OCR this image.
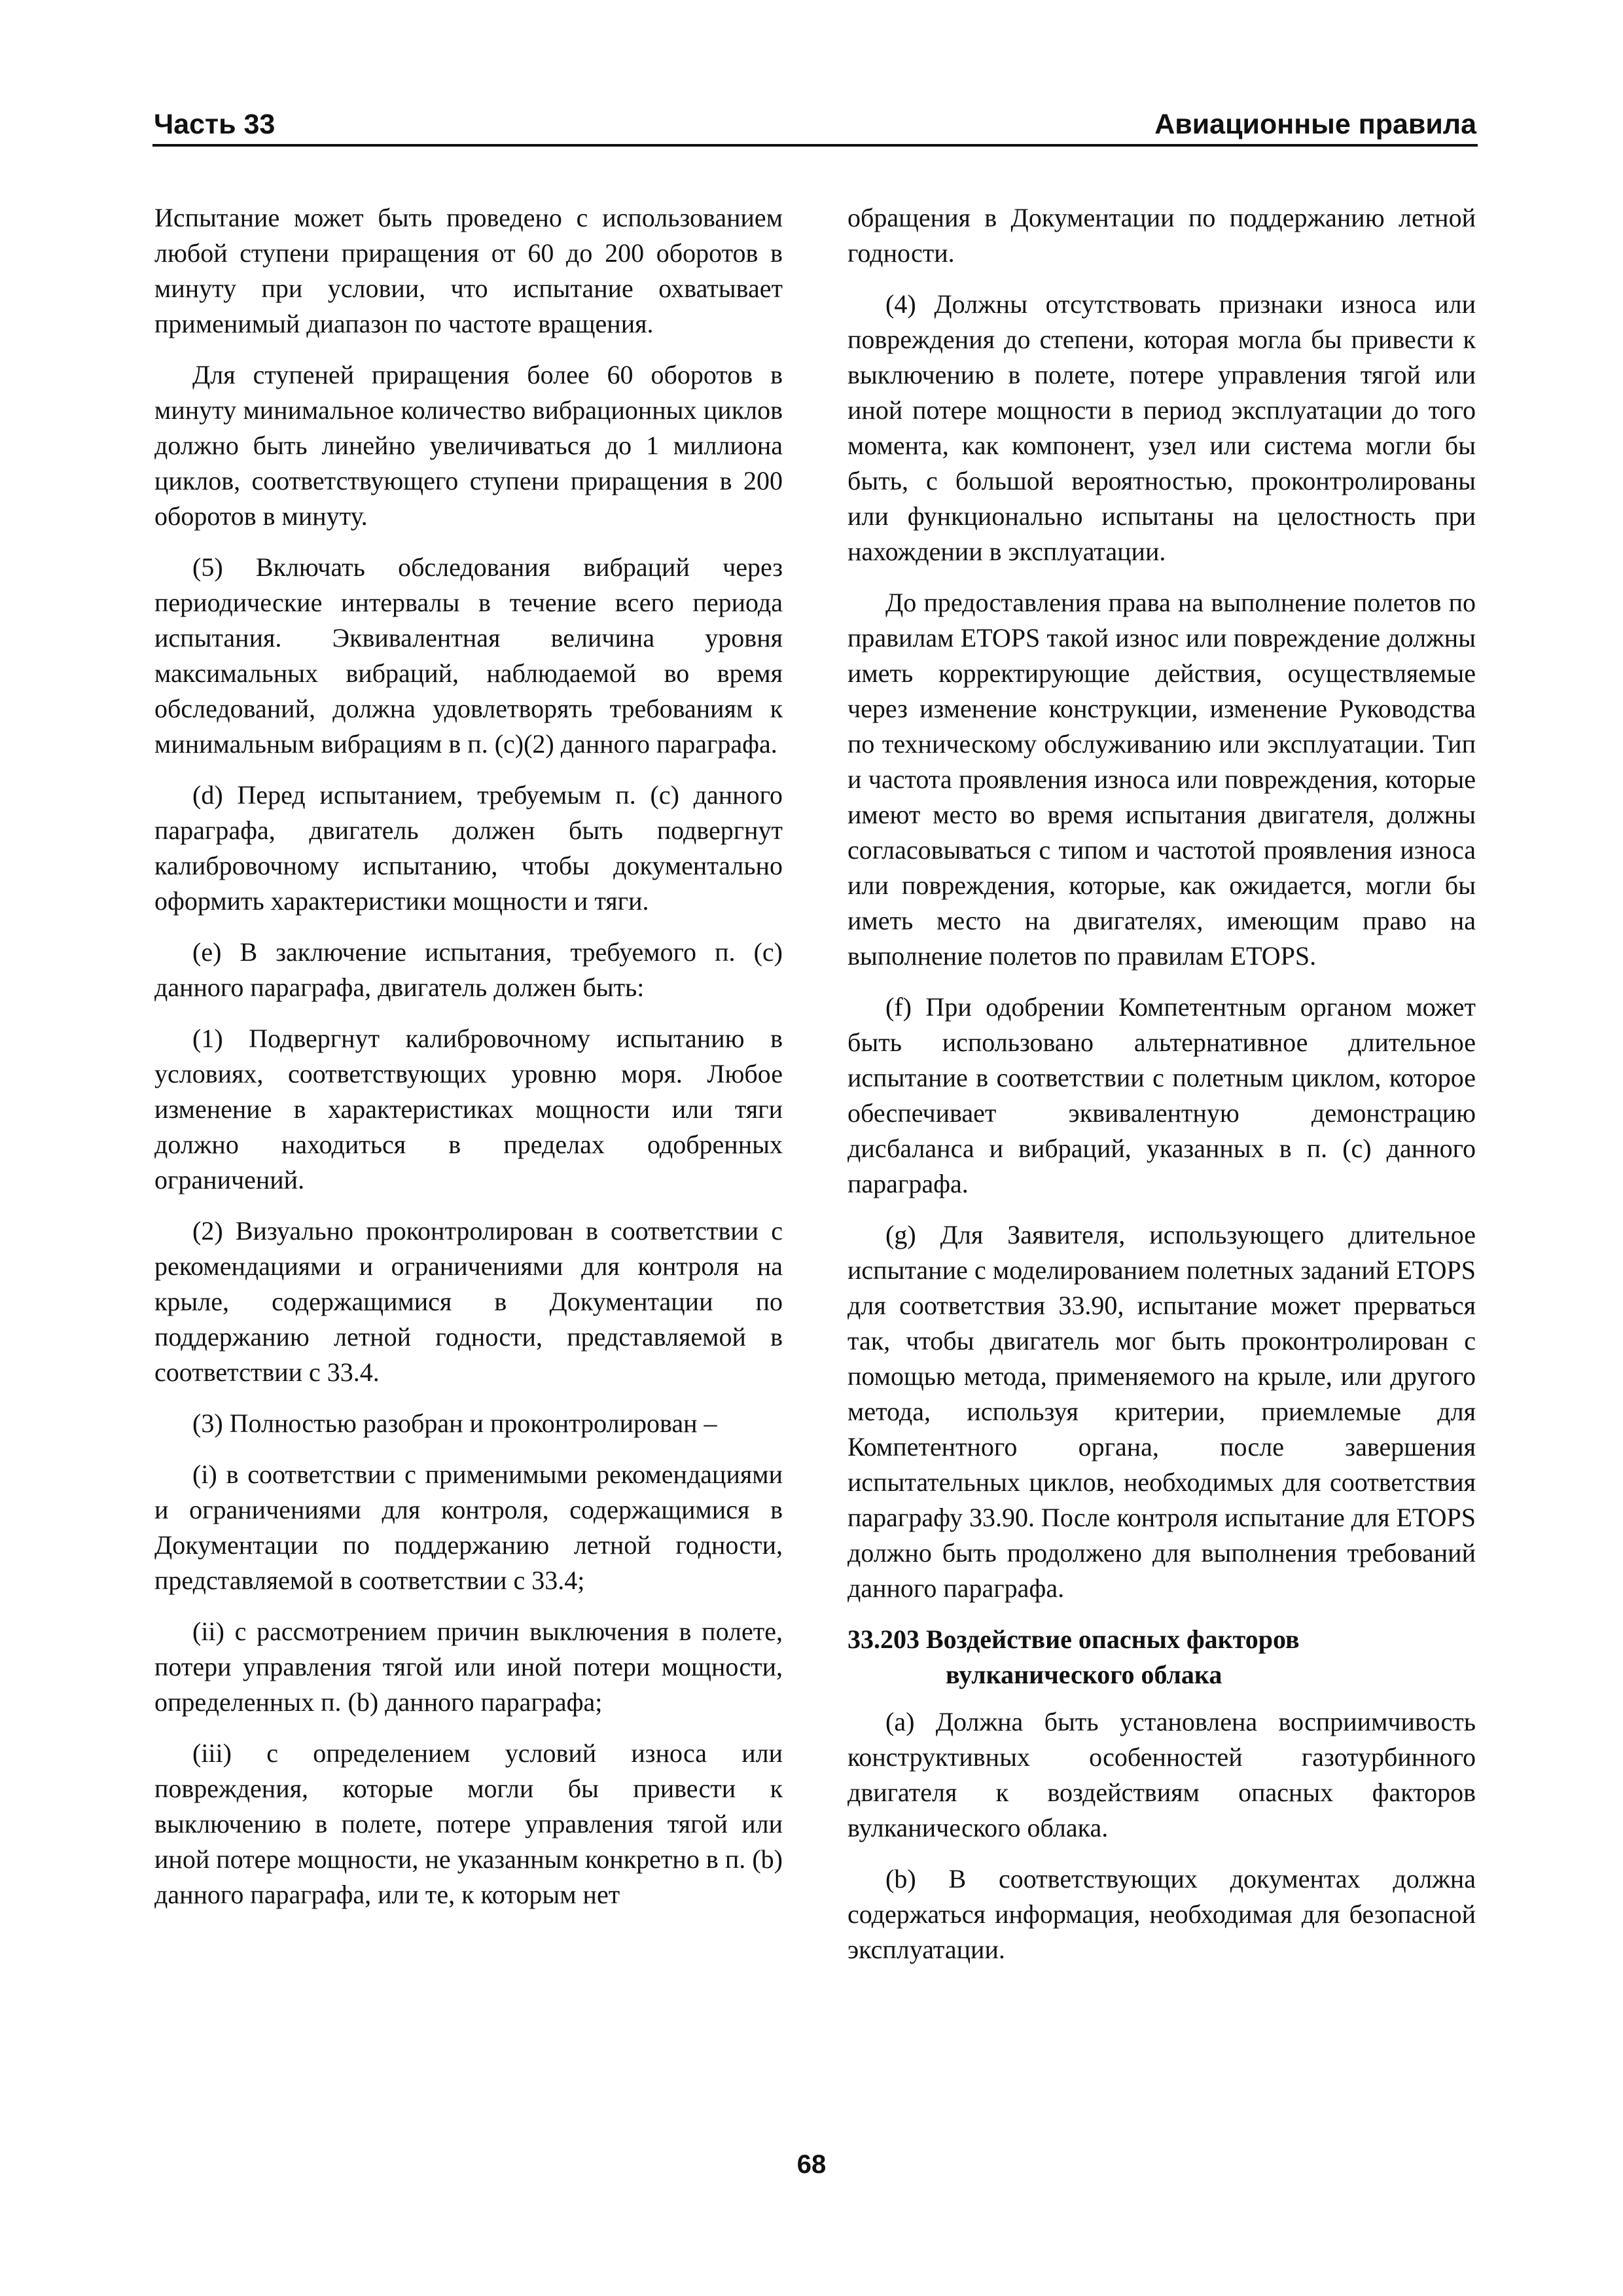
Часть 33	Авиационные правила

Испытание может быть проведено с использованием любой ступени приращения от 60 до 200 оборотов в минуту при условии, что испытание охватывает применимый диапазон по частоте вращения.

Для ступеней приращения более 60 оборотов в минуту минимальное количество вибрационных циклов должно быть линейно увеличиваться до 1 миллиона циклов, соответствующего ступени приращения в 200 оборотов в минуту.

(5) Включать обследования вибраций через периодические интервалы в течение всего периода испытания. Эквивалентная величина уровня максимальных вибраций, наблюдаемой во время обследований, должна удовлетворять требованиям к минимальным вибрациям в п. (с)(2) данного параграфа.

(d) Перед испытанием, требуемым п. (с) данного параграфа, двигатель должен быть подвергнут калибровочному испытанию, чтобы документально оформить характеристики мощности и тяги.

(е) В заключение испытания, требуемого п. (с) данного параграфа, двигатель должен быть:

(1) Подвергнут калибровочному испытанию в условиях, соответствующих уровню моря. Любое изменение в характеристиках мощности или тяги должно находиться в пределах одобренных ограничений.

(2) Визуально проконтролирован в соответствии с рекомендациями и ограничениями для контроля на крыле, содержащимися в Документации по поддержанию летной годности, представляемой в соответствии с 33.4.

(3) Полностью разобран и проконтролирован –

(i) в соответствии с применимыми рекомендациями и ограничениями для контроля, содержащимися в Документации по поддержанию летной годности, представляемой в соответствии с 33.4;

(ii) с рассмотрением причин выключения в полете, потери управления тягой или иной потери мощности, определенных п. (b) данного параграфа;

(iii) с определением условий износа или повреждения, которые могли бы привести к выключению в полете, потере управления тягой или иной потере мощности, не указанным конкретно в п. (b) данного параграфа, или те, к которым нет

обращения в Документации по поддержанию летной годности.

(4) Должны отсутствовать признаки износа или повреждения до степени, которая могла бы привести к выключению в полете, потере управления тягой или иной потере мощности в период эксплуатации до того момента, как компонент, узел или система могли бы быть, с большой вероятностью, проконтролированы или функционально испытаны на целостность при нахождении в эксплуатации.

До предоставления права на выполнение полетов по правилам ETOPS такой износ или повреждение должны иметь корректирующие действия, осуществляемые через изменение конструкции, изменение Руководства по техническому обслуживанию или эксплуатации. Тип и частота проявления износа или повреждения, которые имеют место во время испытания двигателя, должны согласовываться с типом и частотой проявления износа или повреждения, которые, как ожидается, могли бы иметь место на двигателях, имеющим право на выполнение полетов по правилам ETOPS.

(f) При одобрении Компетентным органом может быть использовано альтернативное длительное испытание в соответствии с полетным циклом, которое обеспечивает эквивалентную демонстрацию дисбаланса и вибраций, указанных в п. (с) данного параграфа.

(g) Для Заявителя, использующего длительное испытание с моделированием полетных заданий ETOPS для соответствия 33.90, испытание может прерваться так, чтобы двигатель мог быть проконтролирован с помощью метода, применяемого на крыле, или другого метода, используя критерии, приемлемые для Компетентного органа, после завершения испытательных циклов, необходимых для соответствия параграфу 33.90. После контроля испытание для ETOPS должно быть продолжено для выполнения требований данного параграфа.

33.203 Воздействие опасных факторов
вулканического облака

(a) Должна быть установлена восприимчивость конструктивных особенностей газотурбинного двигателя к воздействиям опасных факторов вулканического облака.

(b) В соответствующих документах должна содержаться информация, необходимая для безопасной эксплуатации.

68
